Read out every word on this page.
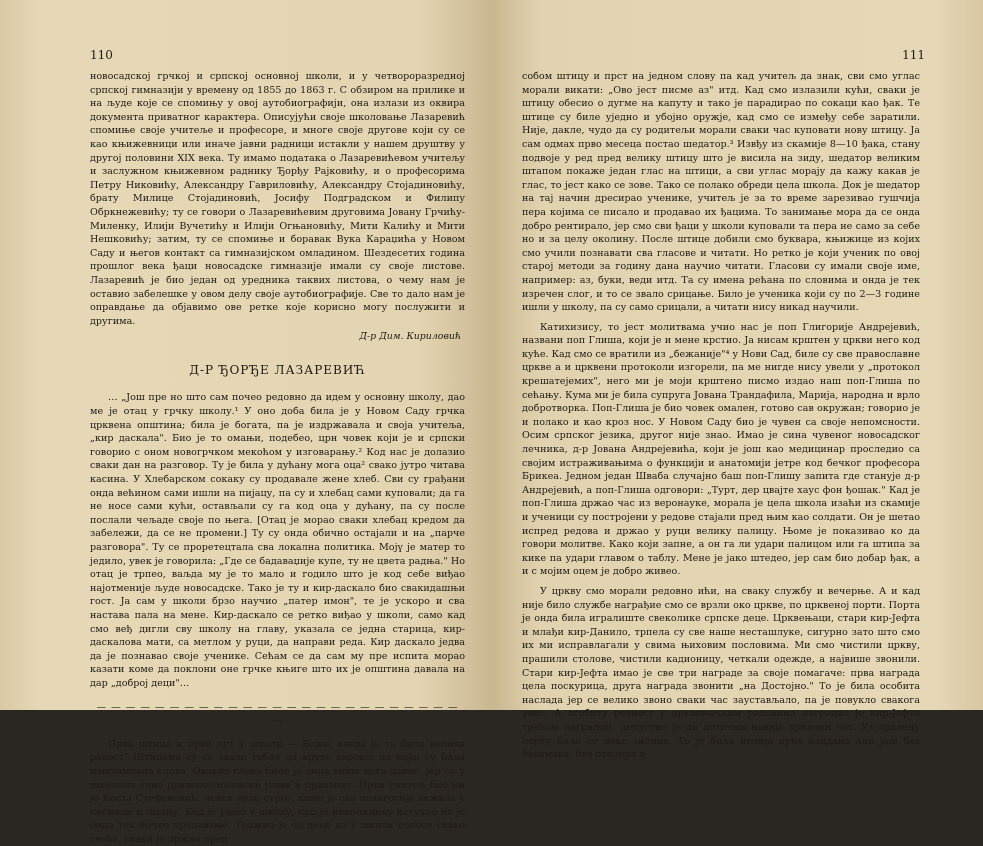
110

новосадској грчкој и српској основној школи, и у четвороразредној српској гимназији у времену од 1855 до 1863 г. С обзиром на прилике и на људе које се спомињу у овој аутобиографији, она излази из оквира документа приватног карактера. Описујући своје школовање Лазаревић спомиње своје учитеље и професоре, и многе своје другове који су се као књижевници или иначе јавни радници истакли у нашем друштву у другој половини XIX века. Ту имамо података о Лазаревићевом учитељу и заслужном књижевном раднику Ђорђу Рајковићу, и о професорима Петру Никовићу, Александру Гавриловићу, Александру Стојадиновићу, брату Милице Стојадиновић, Јосифу Подградском и Филипу Обркнежевићу; ту се говори о Лазаревићевим друговима Јовану Грчићу-Миленку, Илији Вучетићу и Илији Огњановићу, Мити Калићу и Мити Нешковићу; затим, ту се спомиње и боравак Вука Караџића у Новом Саду и његов контакт са гимназијском омладином. Шездесетих година прошлог века ђаци новосадске гимназије имали су своје листове. Лазаревић је био један од уредника таквих листова, о чему нам је оставио забелешке у овом делу своје аутобиографије. Све то дало нам је оправдање да објавимо ове ретке које корисно могу послужити и другима.

Д-р Дим. Кириловић
Д-Р ЂОРЂЕ ЛАЗАРЕВИЋ

… „Још пре но што сам почео редовно да идем у основну школу, дао ме је отац у грчку школу.¹ У оно доба била је у Новом Саду грчка црквена општина; била је богата, па је издржавала и своја учитеља, „кир даскала". Био је то омањи, подебео, црн човек који је и српски говорио с оном новогрчком мекоћом у изговарању.² Код нас је долазио сваки дан на разговор. Ту је била у дућану мога оца² свако јутро читава касина. У Хлебарском сокаку су продавале жене хлеб. Сви су грађани онда већином сами ишли на пијацу, па су и хлебац сами куповали; да га не носе сами кући, остављали су га код оца у дућану, па су после послали чељаде своје по њега. [Отац је морао сваки хлебац кредом да забележи, да се не промени.] Ту су онда обично остајали и на „парче разговора". Ту се проретецтала сва локална политика. Мојү је матер то једило, увек је говорила: „Где се бадаваџије купе, ту не цвета радња." Но отац је трпео, ваљда му је то мало и годило што је код себе виђао најотменије људе новосадске. Тако је ту и кир-даскало био свакидашњи гост. Ја сам у школи брзо научио „патер имон", те је ускоро и сва настава пала на мене. Кир-даскало се ретко виђао у школи, само кад смо веђ дигли сву школу на главу, указала се једна старица, кир-даскалова мати, са метлом у руци, да направи реда. Кир даскало једва да је познавао своје ученике. Сећам се да сам му пре испита морао казати коме да поклони оне грчке књиге што их је општина давала на дар „доброј деци"…

— — — — — — — — — — — — — — — — — — — — — — — — — —

Прва штица и први пут у школи — Боже, каква је то била велика радост! Штицама су се звале табле од круте хартије на којој су била наштампана слова. Оваких слова било је онда више него данас, јер се у школама учио црквенословенски језик и правопис. Први учитељ био ми је Коста Стефановић, човек врло строг, коме је сва педагогија лежала у песници и штапу. Кад је ушао у школу, про је неколицину истукао па је онда тек почео предавање. Тражио је од деце да у школи доносе свако свеће, сваки је држао пред

111

собом штицу и прст на једном слову па кад учитељ да знак, сви смо углас морали викати: „Ово јест писме аз" итд. Кад смо излазили кући, сваки је штицу обесио о дугме на капуту и тако је парадирао по сокаци као ђак. Те штице су биле уједно и убојно оружје, кад смо се између себе заратили. Није, дакле, чудо да су родитељи морали сваки час куповати нову штицу. Ја сам одмах прво месеца постао шедатор.³ Извђу из скамије 8—10 ђака, стану подвоје у ред пред велику штицу што је висила на зиду, шедатор великим штапом покаже један глас на штици, а сви углас морају да кажу какав је глас, то јест како се зове. Тако се полако обреди цела школа. Док је шедатор на тај начин дресирао ученике, учитељ је за то време зарезивао гушчија пера којима се писало и продавао их ђацима. То занимање мора да се онда добро рентирало, јер смо сви ђаци у школи куповали та пера не само за себе но и за целу околину. После штице добили смо буквара, књижице из којих смо учили познавати сва гласове и читати. Но ретко је који ученик по овој старој методи за годину дана научио читати. Гласови су имали своје име, например: аз, буки, веди итд. Та су имена рећана по словима и онда је тек изречен слог, и то се звало срицање. Било је ученика који су по 2—3 године ишли у школу, па су само срицали, а читати нису никад научили.

Катихизису, то јест молитвама учио нас је поп Глигорије Андрејевић, названи поп Глиша, који је и мене крстио. Ја нисам крштен у цркви него код куће. Кад смо се вратили из „бежаније"⁴ у Нови Сад, биле су све православне цркве а и црквени протоколи изгорели, па ме нигде нису увели у „протокол крешатејемих", него ми је моји крштено писмо издао наш поп-Глиша по сећању. Кума ми је била супруга Јована Трандафила, Марија, народна и врло добротворка. Поп-Глиша је био човек омален, готово сав окружан; говорио је и полако и као кроз нос. У Новом Саду био је чувен са своје непомсности. Осим српског језика, другог није знао. Имао је сина чувеног новосадског лечника, д-р Јована Андрејевића, који је још као медицинар проследио са својим истраживањима о функцији и анатомији јетре код бечког професора Брикеа. Једном један Шваба случајно баш поп-Глишу запита где станује д-р Андрејевић, а поп-Глиша одговори: „Турт, дер цвајте хаус фон ђошак." Кад је поп-Глиша држао час из веронауке, морала је цела школа изаћи из скамије и ученици су постројени у редове стајали пред њим као солдати. Он је шетао испред редова и држао у руци велику палицу. Њоме је показивао ко да говори молитве. Како који запне, а он га ли удари палицом или га штипа за кике па удари главом о таблу. Мене је јако штедео, јер сам био добар ђак, а и с мојим оцем је добро живео.

У цркву смо морали редовно ићи, на сваку службу и вечерње. А и кад није било службе награђие смо се врзли око цркве, по црквеној порти. Порта је онда била игралиште свеколике српске деце. Црквењаци, стари кир-Јефта и млађи кир-Данило, трпела су све наше несташлуке, сигурно зато што смо их ми исправлагали у свима њиховим пословима. Ми смо чистили цркву, прашили столове, чистили кадионицу, четкали одежде, а највише звонили. Стари кир-Јефта имао је све три награде за своје помагаче: прва награда цела поскурица, друга награда звонити „на Достојно." То је била особита наслада јер се велико звоно сваки час заустављало, па је повукло свакога увис. А особиту ревност у црквењачким радовима наградио је кир-Јефта трећом наградом: допустио је да дотични навија црквени сат. Уз црквену порту биле су неке зидине. То је била нечија кућа изидана али још без басамака, без прозора и
